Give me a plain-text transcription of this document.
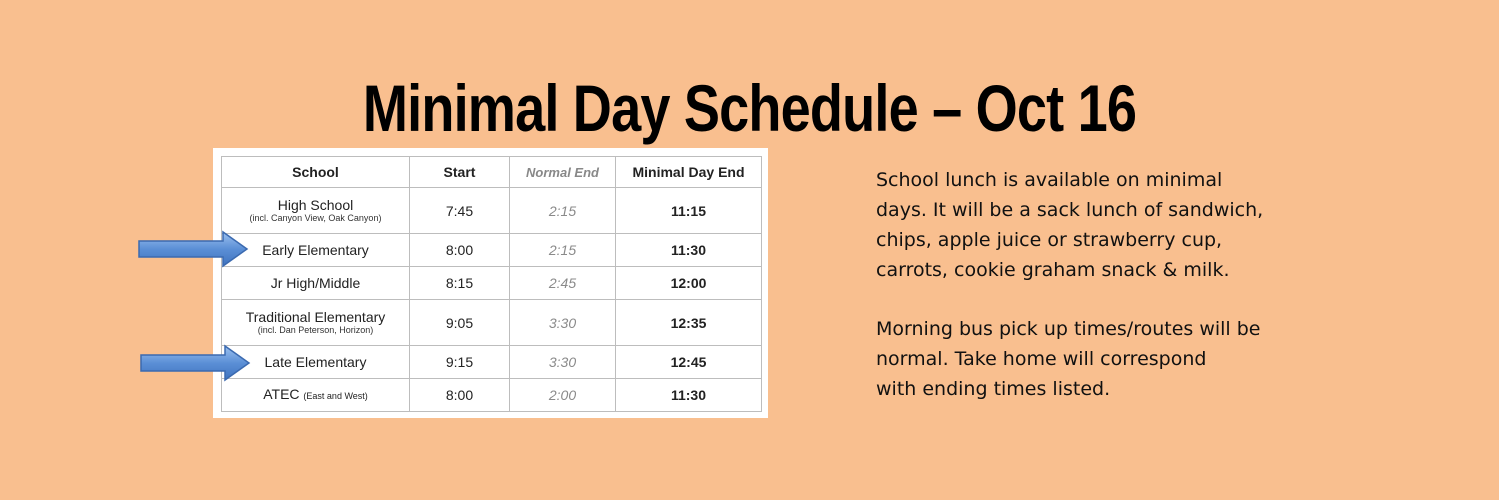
Minimal Day Schedule – Oct 16
School	Start	Normal End	Minimal Day End
High School
(incl. Canyon View, Oak Canyon)	7:45	2:15	11:15
Early Elementary	8:00	2:15	11:30
Jr High/Middle	8:15	2:45	12:00
Traditional Elementary
(incl. Dan Peterson, Horizon)	9:05	3:30	12:35
Late Elementary	9:15	3:30	12:45
ATEC (East and West)	8:00	2:00	11:30
School lunch is available on minimal
days. It will be a sack lunch of sandwich,
chips, apple juice or strawberry cup,
carrots, cookie graham snack & milk.
Morning bus pick up times/routes will be
normal. Take home will correspond
with ending times listed.
